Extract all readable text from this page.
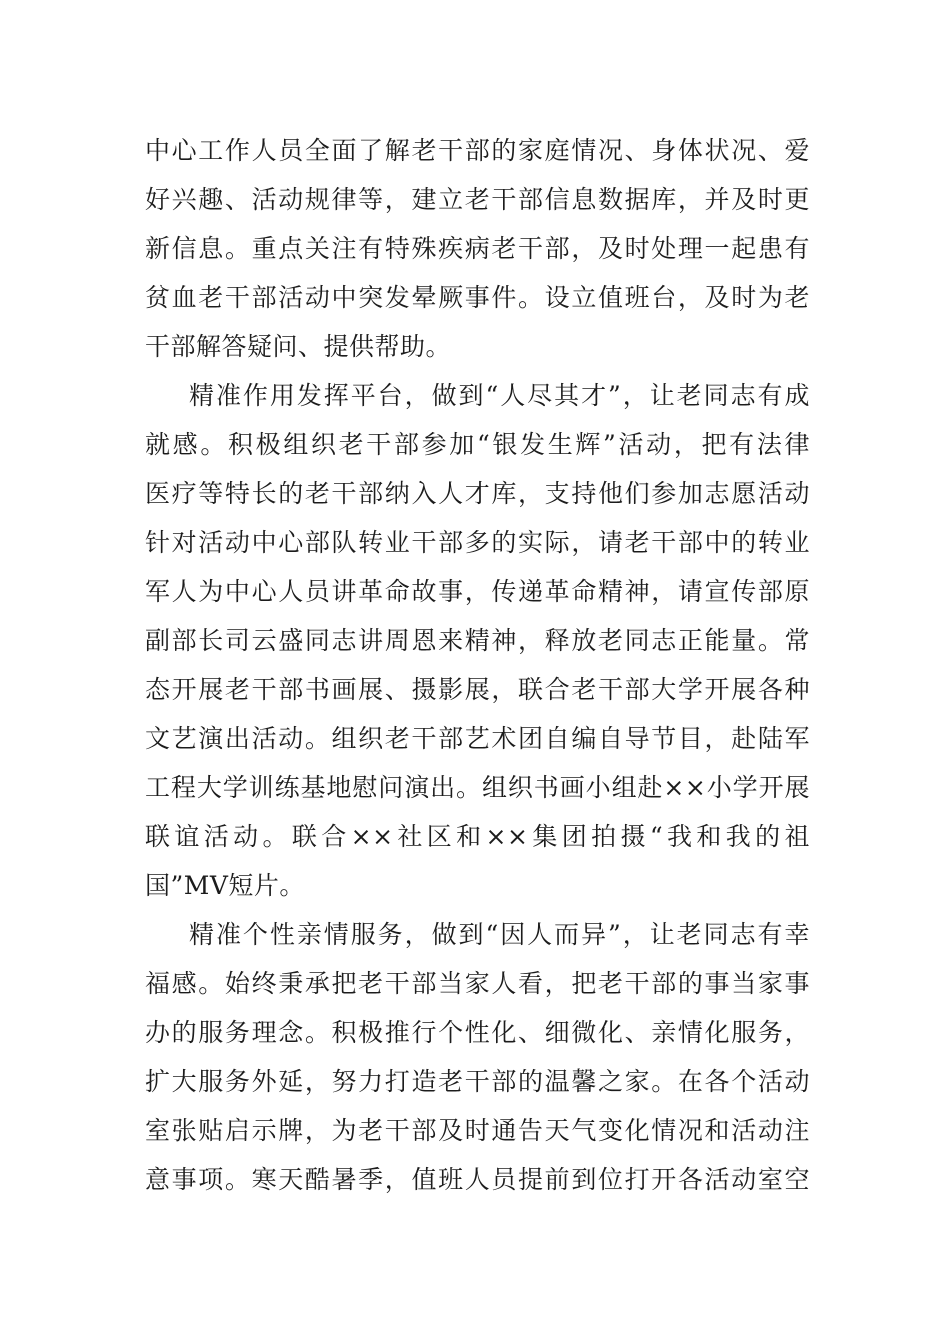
中心工作人员全面了解老干部的家庭情况、身体状况、爱
好兴趣、活动规律等，建立老干部信息数据库，并及时更
新信息。重点关注有特殊疾病老干部，及时处理一起患有
贫血老干部活动中突发晕厥事件。设立值班台，及时为老
干部解答疑问、提供帮助。
精准作用发挥平台，做到“人尽其才”，让老同志有成
就感。积极组织老干部参加“银发生辉”活动，把有法律
医疗等特长的老干部纳入人才库，支持他们参加志愿活动
针对活动中心部队转业干部多的实际，请老干部中的转业
军人为中心人员讲革命故事，传递革命精神，请宣传部原
副部长司云盛同志讲周恩来精神，释放老同志正能量。常
态开展老干部书画展、摄影展，联合老干部大学开展各种
文艺演出活动。组织老干部艺术团自编自导节目，赴陆军
工程大学训练基地慰问演出。组织书画小组赴××小学开展
联谊活动。联合××社区和××集团拍摄“我和我的祖
国”MV短片。
精准个性亲情服务，做到“因人而异”，让老同志有幸
福感。始终秉承把老干部当家人看，把老干部的事当家事
办的服务理念。积极推行个性化、细微化、亲情化服务，
扩大服务外延，努力打造老干部的温馨之家。在各个活动
室张贴启示牌，为老干部及时通告天气变化情况和活动注
意事项。寒天酷暑季，值班人员提前到位打开各活动室空
